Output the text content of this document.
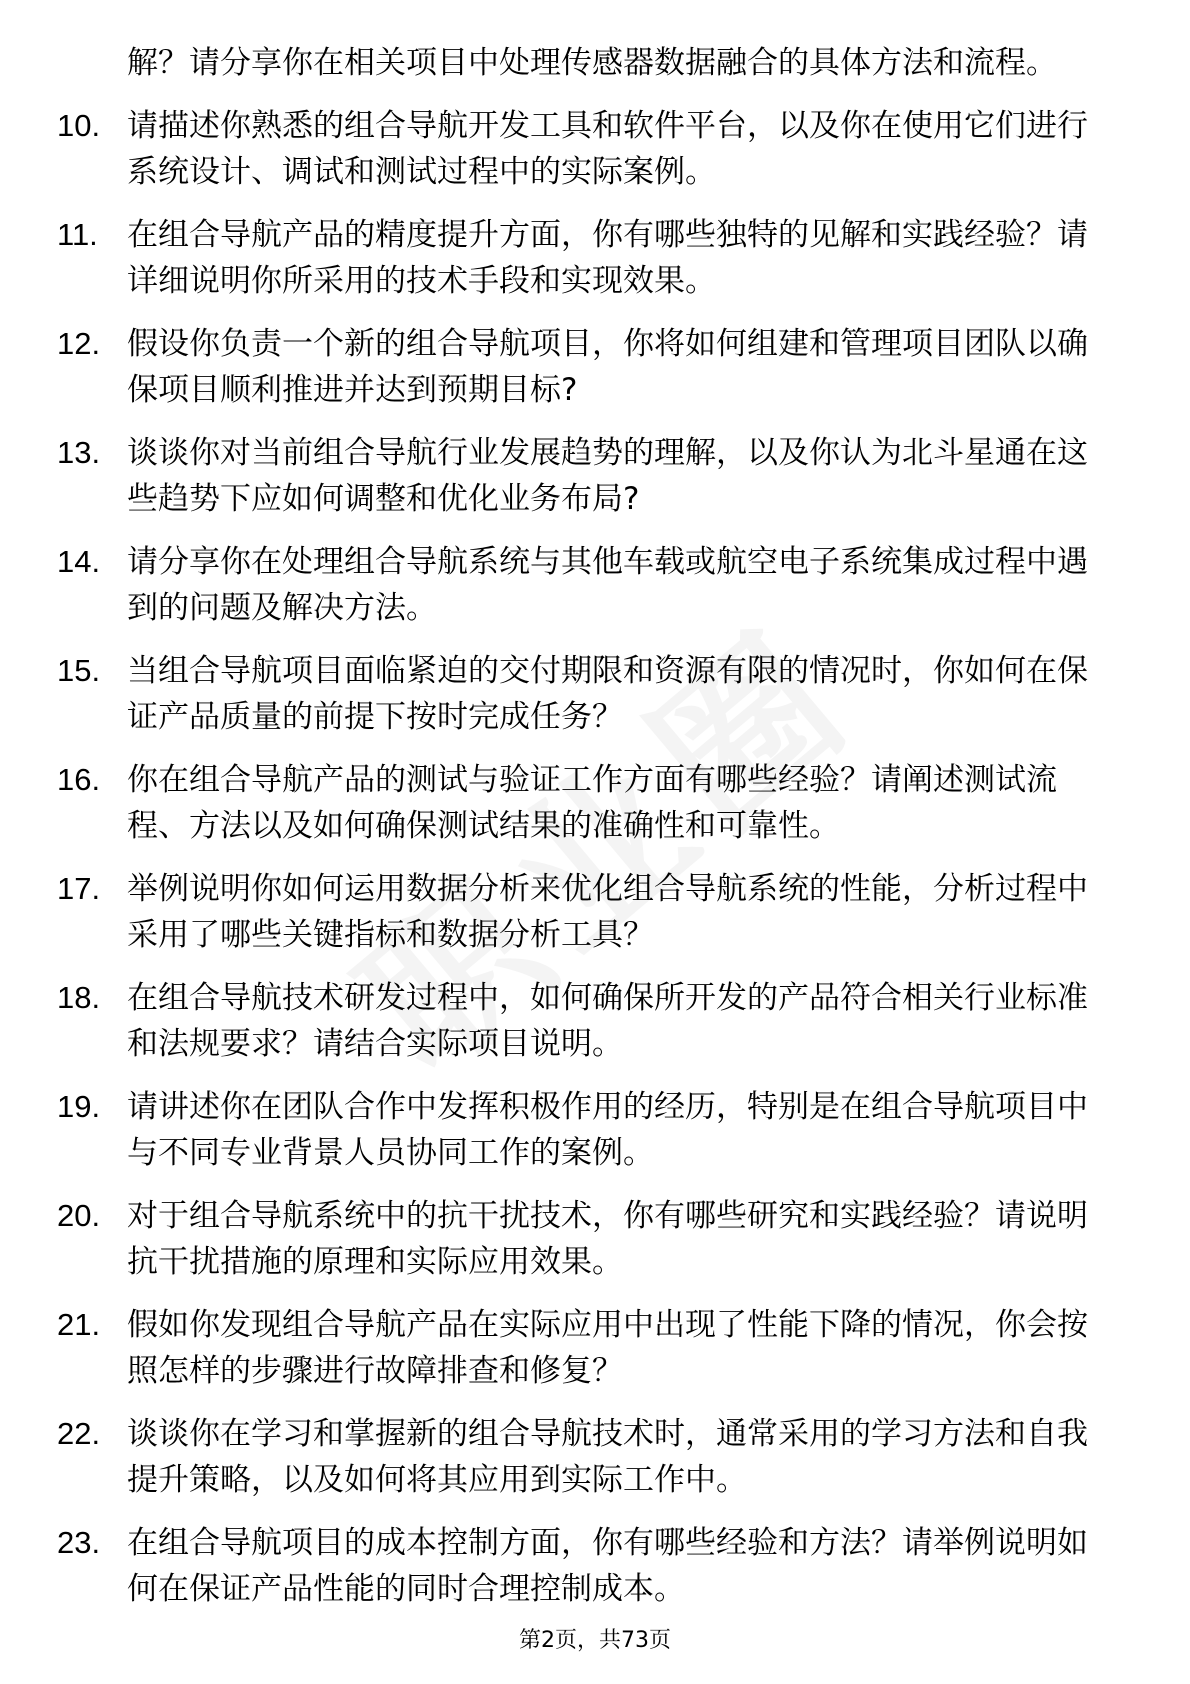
解？请分享你在相关项目中处理传感器数据融合的具体方法和流程。
10. 请描述你熟悉的组合导航开发工具和软件平台，以及你在使用它们进行系统设计、调试和测试过程中的实际案例。
11. 在组合导航产品的精度提升方面，你有哪些独特的见解和实践经验？请详细说明你所采用的技术手段和实现效果。
12. 假设你负责一个新的组合导航项目，你将如何组建和管理项目团队以确保项目顺利推进并达到预期目标?
13. 谈谈你对当前组合导航行业发展趋势的理解，以及你认为北斗星通在这些趋势下应如何调整和优化业务布局?
14. 请分享你在处理组合导航系统与其他车载或航空电子系统集成过程中遇到的问题及解决方法。
15. 当组合导航项目面临紧迫的交付期限和资源有限的情况时，你如何在保证产品质量的前提下按时完成任务？
16. 你在组合导航产品的测试与验证工作方面有哪些经验？请阐述测试流程、方法以及如何确保测试结果的准确性和可靠性。
17. 举例说明你如何运用数据分析来优化组合导航系统的性能，分析过程中采用了哪些关键指标和数据分析工具？
18. 在组合导航技术研发过程中，如何确保所开发的产品符合相关行业标准和法规要求？请结合实际项目说明。
19. 请讲述你在团队合作中发挥积极作用的经历，特别是在组合导航项目中与不同专业背景人员协同工作的案例。
20. 对于组合导航系统中的抗干扰技术，你有哪些研究和实践经验？请说明抗干扰措施的原理和实际应用效果。
21. 假如你发现组合导航产品在实际应用中出现了性能下降的情况，你会按照怎样的步骤进行故障排查和修复？
22. 谈谈你在学习和掌握新的组合导航技术时，通常采用的学习方法和自我提升策略，以及如何将其应用到实际工作中。
23. 在组合导航项目的成本控制方面，你有哪些经验和方法？请举例说明如何在保证产品性能的同时合理控制成本。
第2页，共73页
